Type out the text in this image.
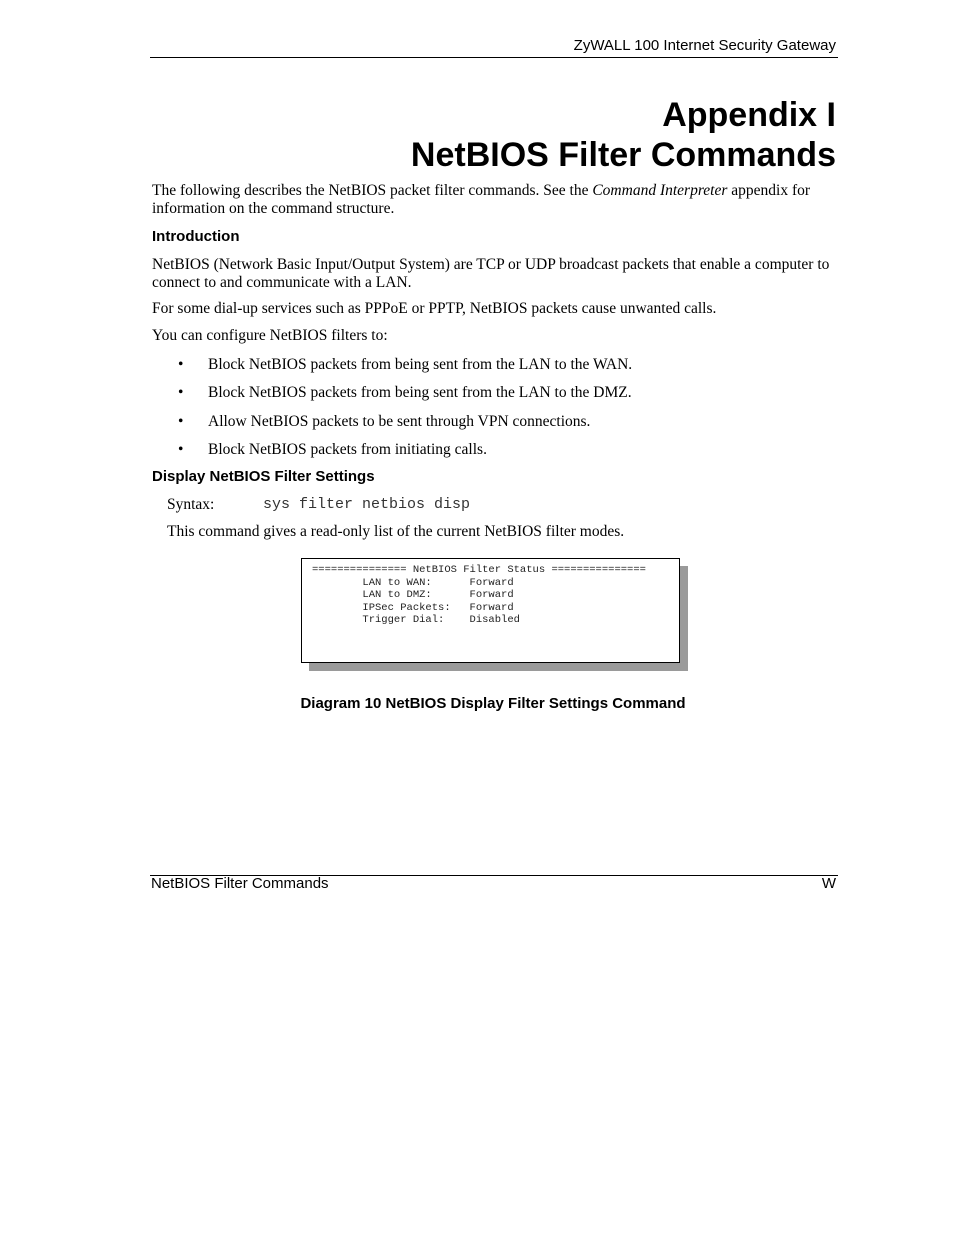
ZyWALL 100 Internet Security Gateway
Appendix I
NetBIOS Filter Commands
The following describes the NetBIOS packet filter commands. See the Command Interpreter appendix for information on the command structure.
Introduction
NetBIOS (Network Basic Input/Output System) are TCP or UDP broadcast packets that enable a computer to connect to and communicate with a LAN.
For some dial-up services such as PPPoE or PPTP, NetBIOS packets cause unwanted calls.
You can configure NetBIOS filters to:
• Block NetBIOS packets from being sent from the LAN to the WAN.
• Block NetBIOS packets from being sent from the LAN to the DMZ.
• Allow NetBIOS packets to be sent through VPN connections.
• Block NetBIOS packets from initiating calls.
Display NetBIOS Filter Settings
Syntax:	sys filter netbios disp
This command gives a read-only list of the current NetBIOS filter modes.
=============== NetBIOS Filter Status ===============
LAN to WAN:      Forward
LAN to DMZ:      Forward
IPSec Packets:   Forward
Trigger Dial:    Disabled
Diagram 10 NetBIOS Display Filter Settings Command
NetBIOS Filter Commands	W
